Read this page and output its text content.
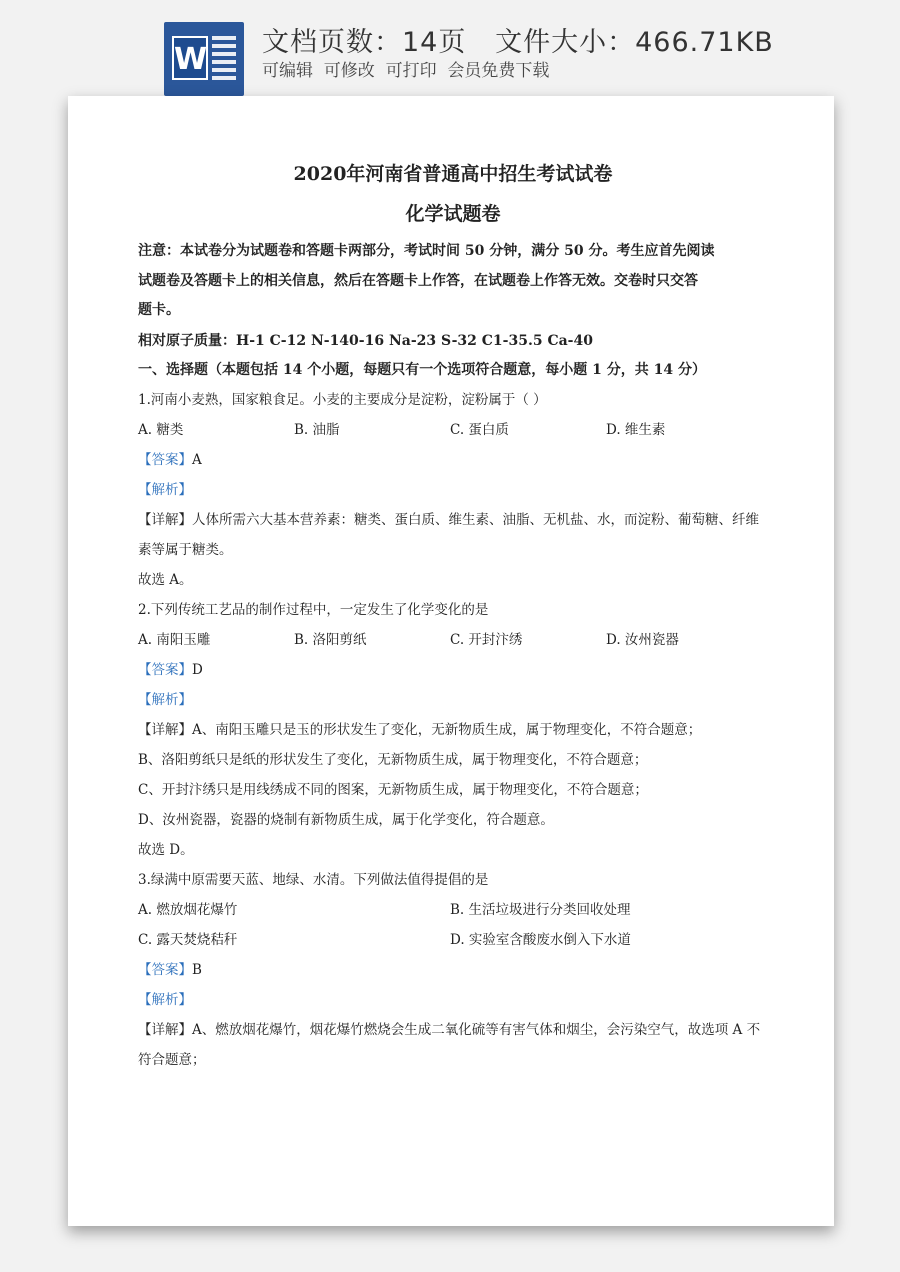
W 文档页数：14页   文件大小：466.71KB
可编辑  可修改  可打印  会员免费下载
2020年河南省普通高中招生考试试卷
化学试题卷
注意：本试卷分为试题卷和答题卡两部分，考试时间 50 分钟，满分 50 分。考生应首先阅读
试题卷及答题卡上的相关信息，然后在答题卡上作答，在试题卷上作答无效。交卷时只交答
题卡。
相对原子质量：H-1 C-12 N-140-16 Na-23 S-32 C1-35.5 Ca-40
一、选择题（本题包括 14 个小题，每题只有一个选项符合题意，每小题 1 分，共 14 分）
1.河南小麦熟，国家粮食足。小麦的主要成分是淀粉，淀粉属于（ ）
A. 糖类	B. 油脂	C. 蛋白质	D. 维生素
【答案】A
【解析】
【详解】人体所需六大基本营养素：糖类、蛋白质、维生素、油脂、无机盐、水，而淀粉、葡萄糖、纤维
素等属于糖类。
故选 A。
2.下列传统工艺品的制作过程中，一定发生了化学变化的是
A. 南阳玉雕	B. 洛阳剪纸	C. 开封汴绣	D. 汝州瓷器
【答案】D
【解析】
【详解】A、南阳玉雕只是玉的形状发生了变化，无新物质生成，属于物理变化，不符合题意；
B、洛阳剪纸只是纸的形状发生了变化，无新物质生成，属于物理变化，不符合题意；
C、开封汴绣只是用线绣成不同的图案，无新物质生成，属于物理变化，不符合题意；
D、汝州瓷器，瓷器的烧制有新物质生成，属于化学变化，符合题意。
故选 D。
3.绿满中原需要天蓝、地绿、水清。下列做法值得提倡的是
A. 燃放烟花爆竹	B. 生活垃圾进行分类回收处理
C. 露天焚烧秸秆	D. 实验室含酸废水倒入下水道
【答案】B
【解析】
【详解】A、燃放烟花爆竹，烟花爆竹燃烧会生成二氧化硫等有害气体和烟尘，会污染空气，故选项 A 不
符合题意；
